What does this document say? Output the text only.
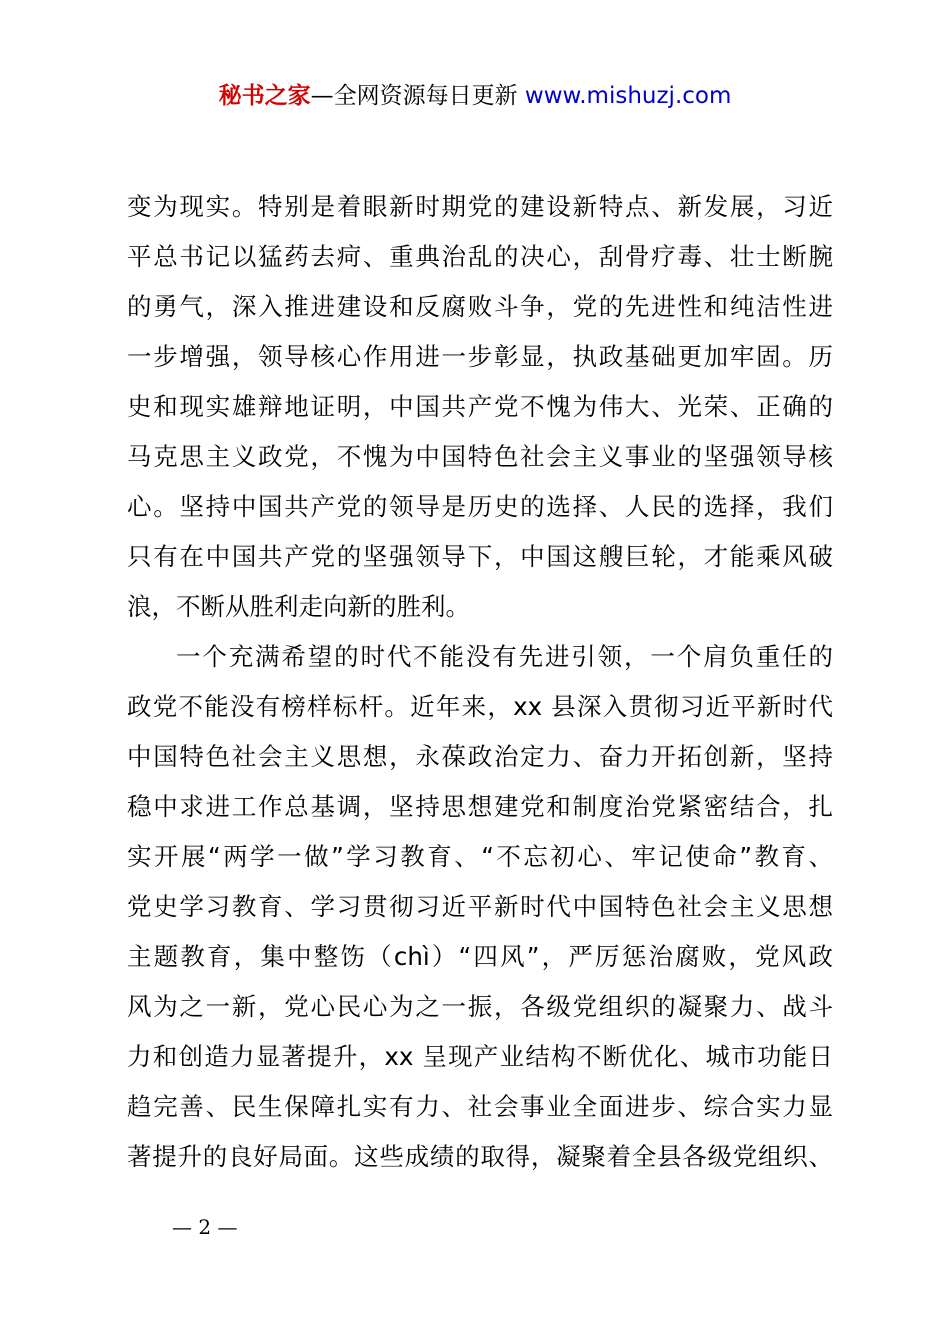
秘书之家—全网资源每日更新 www.mishuzj.com
变为现实。特别是着眼新时期党的建设新特点、新发展，习近
平总书记以猛药去疴、重典治乱的决心，刮骨疗毒、壮士断腕
的勇气，深入推进建设和反腐败斗争，党的先进性和纯洁性进
一步增强，领导核心作用进一步彰显，执政基础更加牢固。历
史和现实雄辩地证明，中国共产党不愧为伟大、光荣、正确的
马克思主义政党，不愧为中国特色社会主义事业的坚强领导核
心。坚持中国共产党的领导是历史的选择、人民的选择，我们
只有在中国共产党的坚强领导下，中国这艘巨轮，才能乘风破
浪，不断从胜利走向新的胜利。
一个充满希望的时代不能没有先进引领，一个肩负重任的
政党不能没有榜样标杆。近年来，xx 县深入贯彻习近平新时代
中国特色社会主义思想，永葆政治定力、奋力开拓创新，坚持
稳中求进工作总基调，坚持思想建党和制度治党紧密结合，扎
实开展“两学一做”学习教育、“不忘初心、牢记使命”教育、
党史学习教育、学习贯彻习近平新时代中国特色社会主义思想
主题教育，集中整饬（chì）“四风”，严厉惩治腐败，党风政
风为之一新，党心民心为之一振，各级党组织的凝聚力、战斗
力和创造力显著提升，xx 呈现产业结构不断优化、城市功能日
趋完善、民生保障扎实有力、社会事业全面进步、综合实力显
著提升的良好局面。这些成绩的取得，凝聚着全县各级党组织、
— 2 —
